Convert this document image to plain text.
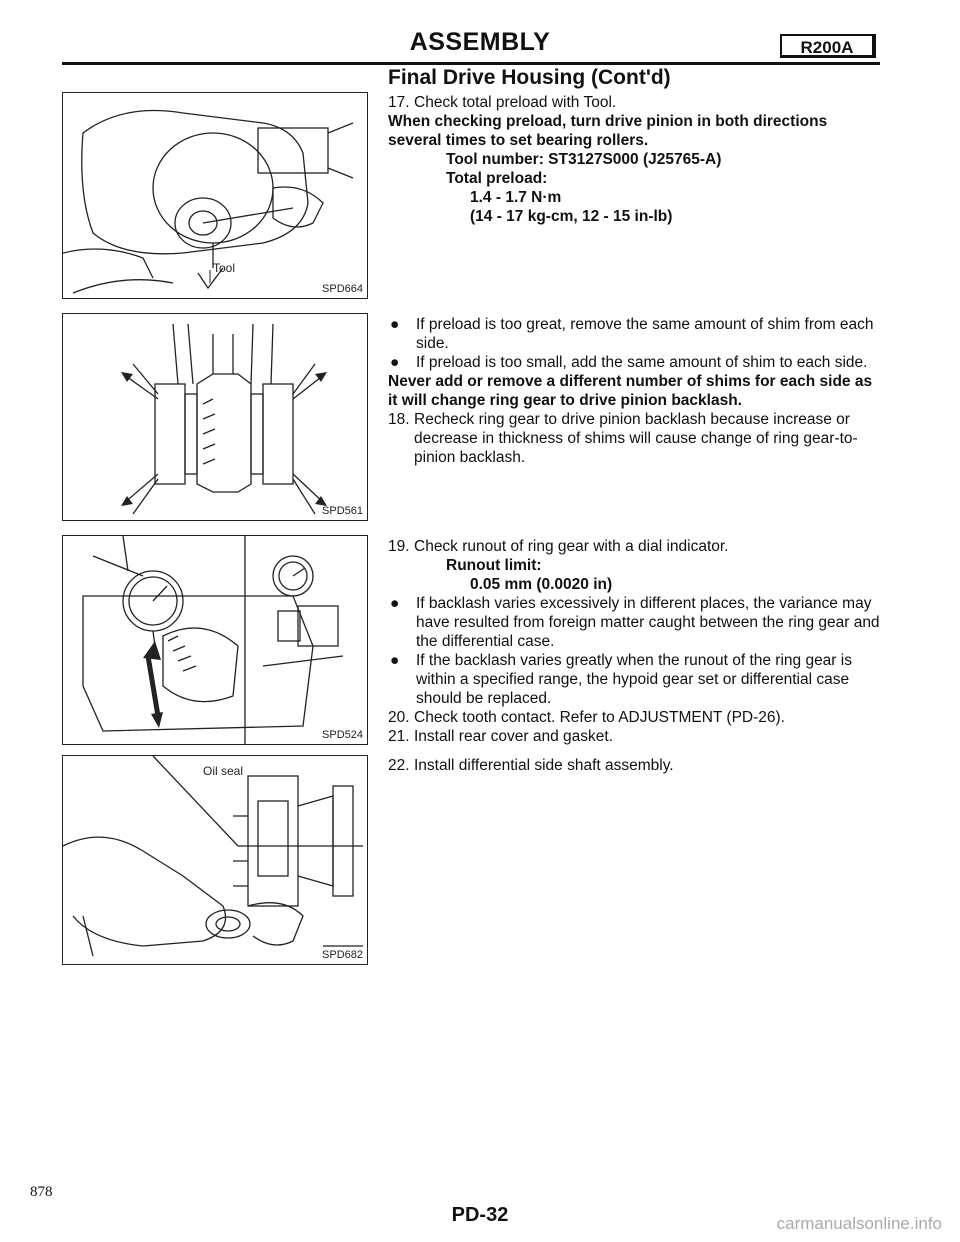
ASSEMBLY	R200A
Final Drive Housing (Cont'd)
Tool
SPD664
SPD561
SPD524
Oil seal
SPD682
17. Check total preload with Tool.

When checking preload, turn drive pinion in both directions several times to set bearing rollers.

Tool number: ST3127S000 (J25765-A)

Total preload:

1.4 - 1.7 N·m

(14 - 17 kg-cm, 12 - 15 in-lb)

●	If preload is too great, remove the same amount of shim from each side.
●	If preload is too small, add the same amount of shim to each side.

Never add or remove a different number of shims for each side as it will change ring gear to drive pinion backlash.

18. Recheck ring gear to drive pinion backlash because increase or decrease in thickness of shims will cause change of ring gear-to-pinion backlash.
19. Check runout of ring gear with a dial indicator.

Runout limit:

0.05 mm (0.0020 in)

●	If backlash varies excessively in different places, the variance may have resulted from foreign matter caught between the ring gear and the differential case.
●	If the backlash varies greatly when the runout of the ring gear is within a specified range, the hypoid gear set or differential case should be replaced.
20. Check tooth contact. Refer to ADJUSTMENT (PD-26).
21. Install rear cover and gasket.
22. Install differential side shaft assembly.
878
PD-32	carmanualsonline.info
